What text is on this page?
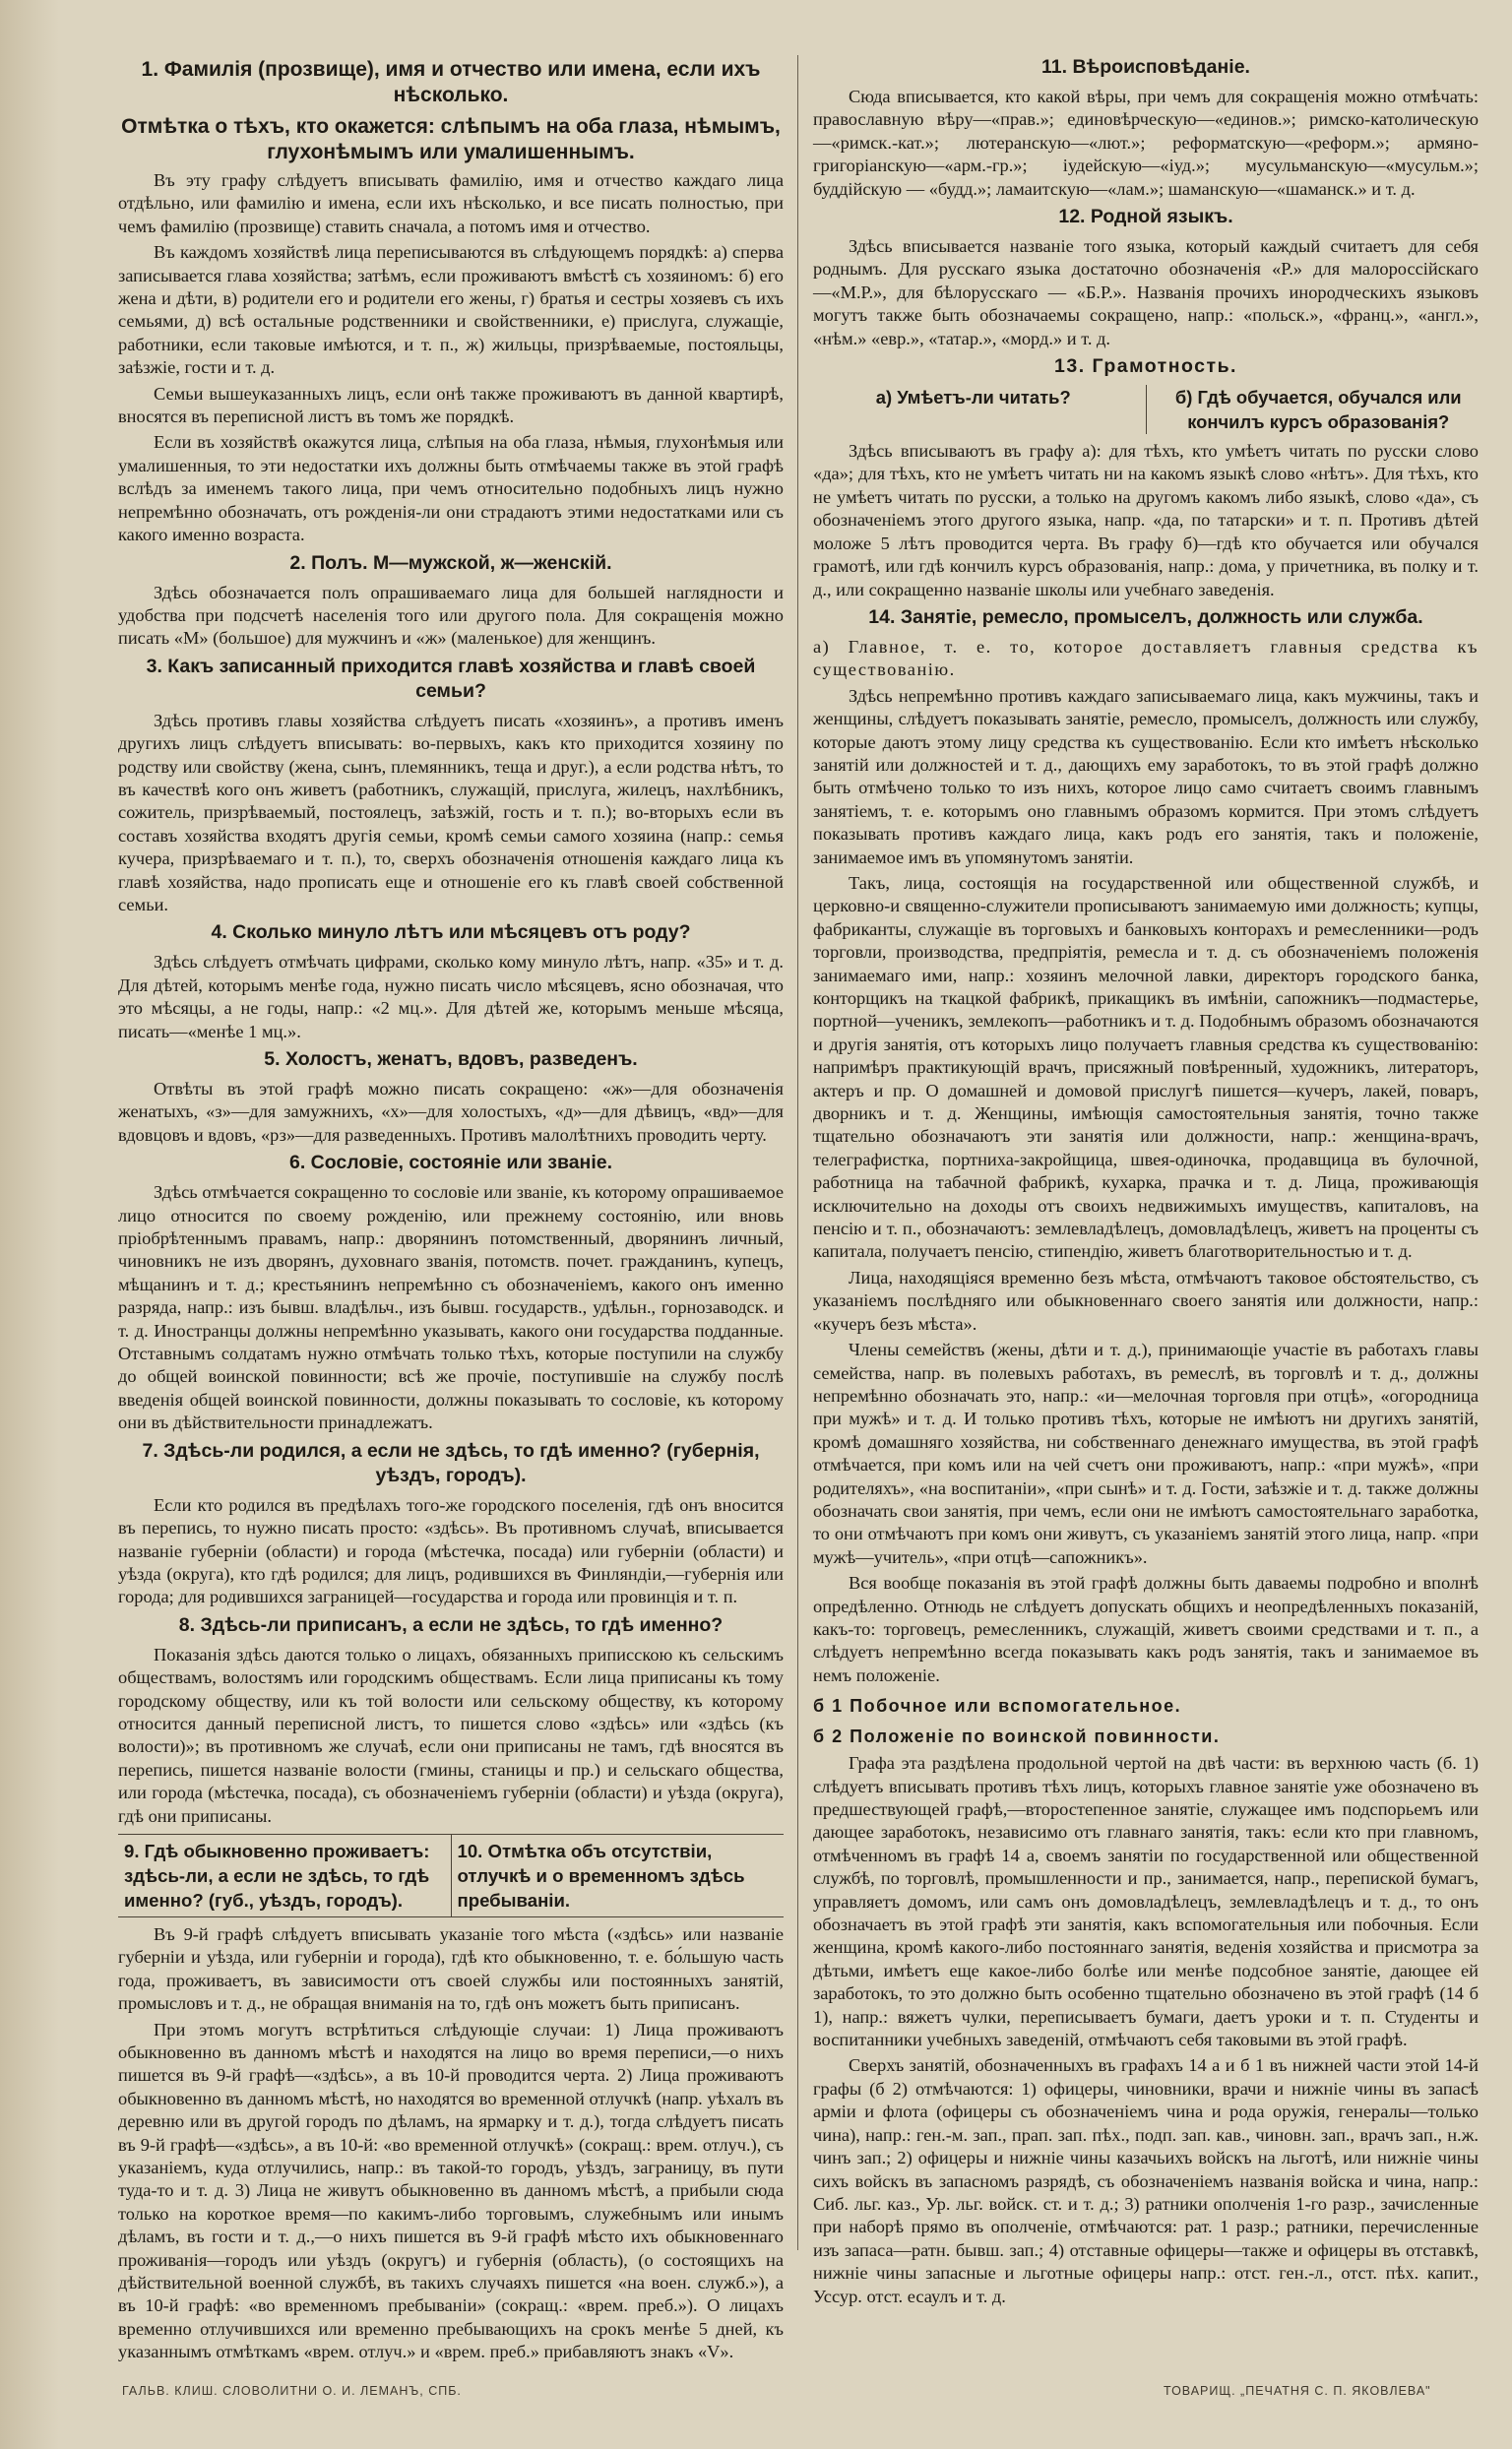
1. Фамилія (прозвище), имя и отчество или имена, если ихъ нѣсколько.
Отмѣтка о тѣхъ, кто окажется: слѣпымъ на оба глаза, нѣмымъ, глухонѣмымъ или умалишеннымъ.

Въ эту графу слѣдуетъ вписывать фамилію, имя и отчество каждаго лица отдѣльно, или фамилію и имена, если ихъ нѣсколько, и все писать полностью, при чемъ фамилію (прозвище) ставить сначала, а потомъ имя и отчество.

Въ каждомъ хозяйствѣ лица переписываются въ слѣдующемъ порядкѣ: а) сперва записывается глава хозяйства; затѣмъ, если проживаютъ вмѣстѣ съ хозяиномъ: б) его жена и дѣти, в) родители его и родители его жены, г) братья и сестры хозяевъ съ ихъ семьями, д) всѣ остальные родственники и свойственники, е) прислуга, служащіе, работники, если таковые имѣются, и т. п., ж) жильцы, призрѣваемые, постояльцы, заѣзжіе, гости и т. д.

Семьи вышеуказанныхъ лицъ, если онѣ также проживаютъ въ данной квартирѣ, вносятся въ переписной листъ въ томъ же порядкѣ.

Если въ хозяйствѣ окажутся лица, слѣпыя на оба глаза, нѣмыя, глухонѣмыя или умалишенныя, то эти недостатки ихъ должны быть отмѣчаемы также въ этой графѣ вслѣдъ за именемъ такого лица, при чемъ относительно подобныхъ лицъ нужно непремѣнно обозначать, отъ рожденія-ли они страдаютъ этими недостатками или съ какого именно возраста.

2. Полъ. М—мужской, ж—женскій.

Здѣсь обозначается полъ опрашиваемаго лица для большей наглядности и удобства при подсчетѣ населенія того или другого пола. Для сокращенія можно писать «М» (большое) для мужчинъ и «ж» (маленькое) для женщинъ.

3. Какъ записанный приходится главѣ хозяйства и главѣ своей семьи?

Здѣсь противъ главы хозяйства слѣдуетъ писать «хозяинъ», а противъ именъ другихъ лицъ слѣдуетъ вписывать: во-первыхъ, какъ кто приходится хозяину по родству или свойству (жена, сынъ, племянникъ, теща и друг.), а если родства нѣтъ, то въ качествѣ кого онъ живетъ (работникъ, служащій, прислуга, жилецъ, нахлѣбникъ, сожитель, призрѣваемый, постоялецъ, заѣзжій, гость и т. п.); во-вторыхъ если въ составъ хозяйства входятъ другія семьи, кромѣ семьи самого хозяина (напр.: семья кучера, призрѣваемаго и т. п.), то, сверхъ обозначенія отношенія каждаго лица къ главѣ хозяйства, надо прописать еще и отношеніе его къ главѣ своей собственной семьи.

4. Сколько минуло лѣтъ или мѣсяцевъ отъ роду?

Здѣсь слѣдуетъ отмѣчать цифрами, сколько кому минуло лѣтъ, напр. «35» и т. д. Для дѣтей, которымъ менѣе года, нужно писать число мѣсяцевъ, ясно обозначая, что это мѣсяцы, а не годы, напр.: «2 мц.». Для дѣтей же, которымъ меньше мѣсяца, писать—«менѣе 1 мц.».

5. Холостъ, женатъ, вдовъ, разведенъ.

Отвѣты въ этой графѣ можно писать сокращено: «ж»—для обозначенія женатыхъ, «з»—для замужнихъ, «х»—для холостыхъ, «д»—для дѣвицъ, «вд»—для вдовцовъ и вдовъ, «рз»—для разведенныхъ. Противъ малолѣтнихъ проводить черту.

6. Сословіе, состояніе или званіе.

Здѣсь отмѣчается сокращенно то сословіе или званіе, къ которому опрашиваемое лицо относится по своему рожденію, или прежнему состоянію, или вновь пріобрѣтеннымъ правамъ, напр.: дворянинъ потомственный, дворянинъ личный, чиновникъ не изъ дворянъ, духовнаго званія, потомств. почет. гражданинъ, купецъ, мѣщанинъ и т. д.; крестьянинъ непремѣнно съ обозначеніемъ, какого онъ именно разряда, напр.: изъ бывш. владѣльч., изъ бывш. государств., удѣльн., горнозаводск. и т. д. Иностранцы должны непремѣнно указывать, какого они государства подданные. Отставнымъ солдатамъ нужно отмѣчать только тѣхъ, которые поступили на службу до общей воинской повинности; всѣ же прочіе, поступившіе на службу послѣ введенія общей воинской повинности, должны показывать то сословіе, къ которому они въ дѣйствительности принадлежатъ.

7. Здѣсь-ли родился, а если не здѣсь, то гдѣ именно? (губернія, уѣздъ, городъ).

Если кто родился въ предѣлахъ того-же городского поселенія, гдѣ онъ вносится въ перепись, то нужно писать просто: «здѣсь». Въ противномъ случаѣ, вписывается названіе губерніи (области) и города (мѣстечка, посада) или губерніи (области) и уѣзда (округа), кто гдѣ родился; для лицъ, родившихся въ Финляндіи,—губернія или города; для родившихся заграницей—государства и города или провинція и т. п.

8. Здѣсь-ли приписанъ, а если не здѣсь, то гдѣ именно?

Показанія здѣсь даются только о лицахъ, обязанныхъ приписскою къ сельскимъ обществамъ, волостямъ или городскимъ обществамъ. Если лица приписаны къ тому городскому обществу, или къ той волости или сельскому обществу, къ которому относится данный переписной листъ, то пишется слово «здѣсь» или «здѣсь (къ волости)»; въ противномъ же случаѣ, если они приписаны не тамъ, гдѣ вносятся въ перепись, пишется названіе волости (гмины, станицы и пр.) и сельскаго общества, или города (мѣстечка, посада), съ обозначеніемъ губерніи (области) и уѣзда (округа), гдѣ они приписаны.

9. Гдѣ обыкновенно проживаетъ: здѣсь-ли, а если не здѣсь, то гдѣ именно? (губ., уѣздъ, городъ).
10. Отмѣтка объ отсутствіи, отлучкѣ и о временномъ здѣсь пребываніи.

Въ 9-й графѣ слѣдуетъ вписывать указаніе того мѣста («здѣсь» или названіе губерніи и уѣзда, или губерніи и города), гдѣ кто обыкновенно, т. е. бо́льшую часть года, проживаетъ, въ зависимости отъ своей службы или постоянныхъ занятій, промысловъ и т. д., не обращая вниманія на то, гдѣ онъ можетъ быть приписанъ.

При этомъ могутъ встрѣтиться слѣдующіе случаи: 1) Лица проживаютъ обыкновенно въ данномъ мѣстѣ и находятся на лицо во время переписи,—о нихъ пишется въ 9-й графѣ—«здѣсь», а въ 10-й проводится черта. 2) Лица проживаютъ обыкновенно въ данномъ мѣстѣ, но находятся во временной отлучкѣ (напр. уѣхалъ въ деревню или въ другой городъ по дѣламъ, на ярмарку и т. д.), тогда слѣдуетъ писать въ 9-й графѣ—«здѣсь», а въ 10-й: «во временной отлучкѣ» (сокращ.: врем. отлуч.), съ указаніемъ, куда отлучились, напр.: въ такой-то городъ, уѣздъ, заграницу, въ пути туда-то и т. д. 3) Лица не живутъ обыкновенно въ данномъ мѣстѣ, а прибыли сюда только на короткое время—по какимъ-либо торговымъ, служебнымъ или инымъ дѣламъ, въ гости и т. д.,—о нихъ пишется въ 9-й графѣ мѣсто ихъ обыкновеннаго проживанія—городъ или уѣздъ (округъ) и губернія (область), (о состоящихъ на дѣйствительной военной службѣ, въ такихъ случаяхъ пишется «на воен. служб.»), а въ 10-й графѣ: «во временномъ пребываніи» (сокращ.: «врем. преб.»). О лицахъ временно отлучившихся или временно пребывающихъ на срокъ менѣе 5 дней, къ указаннымъ отмѣткамъ «врем. отлуч.» и «врем. преб.» прибавляютъ знакъ «V».

11. Вѣроисповѣданіе.

Сюда вписывается, кто какой вѣры, при чемъ для сокращенія можно отмѣчать: православную вѣру—«прав.»; единовѣрческую—«единов.»; римско-католическую—«римск.-кат.»; лютеранскую—«лют.»; реформатскую—«реформ.»; армяно-григоріанскую—«арм.-гр.»; іудейскую—«іуд.»; мусульманскую—«мусульм.»; буддійскую — «будд.»; ламаитскую—«лам.»; шаманскую—«шаманск.» и т. д.

12. Родной языкъ.

Здѣсь вписывается названіе того языка, который каждый считаетъ для себя роднымъ. Для русскаго языка достаточно обозначенія «Р.» для малороссійскаго—«М.Р.», для бѣлорусскаго — «Б.Р.». Названія прочихъ инородческихъ языковъ могутъ также быть обозначаемы сокращено, напр.: «польск.», «франц.», «англ.», «нѣм.» «евр.», «татар.», «морд.» и т. д.

13. Грамотность.
а) Умѣетъ-ли читать?	б) Гдѣ обучается, обучался или кончилъ курсъ образованія?

Здѣсь вписываютъ въ графу а): для тѣхъ, кто умѣетъ читать по русски слово «да»; для тѣхъ, кто не умѣетъ читать ни на какомъ языкѣ слово «нѣтъ». Для тѣхъ, кто не умѣетъ читать по русски, а только на другомъ какомъ либо языкѣ, слово «да», съ обозначеніемъ этого другого языка, напр. «да, по татарски» и т. п. Противъ дѣтей моложе 5 лѣтъ проводится черта. Въ графу б)—гдѣ кто обучается или обучался грамотѣ, или гдѣ кончилъ курсъ образованія, напр.: дома, у причетника, въ полку и т. д., или сокращенно названіе школы или учебнаго заведенія.

14. Занятіе, ремесло, промыселъ, должность или служба.

а) Главное, т. е. то, которое доставляетъ главныя средства къ существованію.

Здѣсь непремѣнно противъ каждаго записываемаго лица, какъ мужчины, такъ и женщины, слѣдуетъ показывать занятіе, ремесло, промыселъ, должность или службу, которые даютъ этому лицу средства къ существованію. Если кто имѣетъ нѣсколько занятій или должностей и т. д., дающихъ ему заработокъ, то въ этой графѣ должно быть отмѣчено только то изъ нихъ, которое лицо само считаетъ своимъ главнымъ занятіемъ, т. е. которымъ оно главнымъ образомъ кормится. При этомъ слѣдуетъ показывать противъ каждаго лица, какъ родъ его занятія, такъ и положеніе, занимаемое имъ въ упомянутомъ занятіи.

Такъ, лица, состоящія на государственной или общественной службѣ, и церковно-и священно-служители прописываютъ занимаемую ими должность; купцы, фабриканты, служащіе въ торговыхъ и банковыхъ конторахъ и ремесленники—родъ торговли, производства, предпріятія, ремесла и т. д. съ обозначеніемъ положенія занимаемаго ими, напр.: хозяинъ мелочной лавки, директоръ городского банка, конторщикъ на ткацкой фабрикѣ, прикащикъ въ имѣніи, сапожникъ—подмастерье, портной—ученикъ, землекопъ—работникъ и т. д. Подобнымъ образомъ обозначаются и другія занятія, отъ которыхъ лицо получаетъ главныя средства къ существованію: напримѣръ практикующій врачъ, присяжный повѣренный, художникъ, литераторъ, актеръ и пр. О домашней и домовой прислугѣ пишется—кучеръ, лакей, поваръ, дворникъ и т. д. Женщины, имѣющія самостоятельныя занятія, точно также тщательно обозначаютъ эти занятія или должности, напр.: женщина-врачъ, телеграфистка, портниха-закройщица, швея-одиночка, продавщица въ булочной, работница на табачной фабрикѣ, кухарка, прачка и т. д. Лица, проживающія исключительно на доходы отъ своихъ недвижимыхъ имуществъ, капиталовъ, на пенсію и т. п., обозначаютъ: землевладѣлецъ, домовладѣлецъ, живетъ на проценты съ капитала, получаетъ пенсію, стипендію, живетъ благотворительностью и т. д.

Лица, находящіяся временно безъ мѣста, отмѣчаютъ таковое обстоятельство, съ указаніемъ послѣдняго или обыкновеннаго своего занятія или должности, напр.: «кучеръ безъ мѣста».

Члены семействъ (жены, дѣти и т. д.), принимающіе участіе въ работахъ главы семейства, напр. въ полевыхъ работахъ, въ ремеслѣ, въ торговлѣ и т. д., должны непремѣнно обозначать это, напр.: «и—мелочная торговля при отцѣ», «огородница при мужѣ» и т. д. И только противъ тѣхъ, которые не имѣютъ ни другихъ занятій, кромѣ домашняго хозяйства, ни собственнаго денежнаго имущества, въ этой графѣ отмѣчается, при комъ или на чей счетъ они проживаютъ, напр.: «при мужѣ», «при родителяхъ», «на воспитаніи», «при сынѣ» и т. д. Гости, заѣзжіе и т. д. также должны обозначать свои занятія, при чемъ, если они не имѣютъ самостоятельнаго заработка, то они отмѣчаютъ при комъ они живутъ, съ указаніемъ занятій этого лица, напр. «при мужѣ—учитель», «при отцѣ—сапожникъ».

Вся вообще показанія въ этой графѣ должны быть даваемы подробно и вполнѣ опредѣленно. Отнюдь не слѣдуетъ допускать общихъ и неопредѣленныхъ показаній, какъ-то: торговецъ, ремесленникъ, служащій, живетъ своими средствами и т. п., а слѣдуетъ непремѣнно всегда показывать какъ родъ занятія, такъ и занимаемое въ немъ положеніе.

б 1 Побочное или вспомогательное.

б 2 Положеніе по воинской повинности.

Графа эта раздѣлена продольной чертой на двѣ части: въ верхнюю часть (б. 1) слѣдуетъ вписывать противъ тѣхъ лицъ, которыхъ главное занятіе уже обозначено въ предшествующей графѣ,—второстепенное занятіе, служащее имъ подспорьемъ или дающее заработокъ, независимо отъ главнаго занятія, такъ: если кто при главномъ, отмѣченномъ въ графѣ 14 а, своемъ занятіи по государственной или общественной службѣ, по торговлѣ, промышленности и пр., занимается, напр., перепиской бумагъ, управляетъ домомъ, или самъ онъ домовладѣлецъ, землевладѣлецъ и т. д., то онъ обозначаетъ въ этой графѣ эти занятія, какъ вспомогательныя или побочныя. Если женщина, кромѣ какого-либо постояннаго занятія, веденія хозяйства и присмотра за дѣтьми, имѣетъ еще какое-либо болѣе или менѣе подсобное занятіе, дающее ей заработокъ, то это должно быть особенно тщательно обозначено въ этой графѣ (14 б 1), напр.: вяжетъ чулки, переписываетъ бумаги, даетъ уроки и т. п. Студенты и воспитанники учебныхъ заведеній, отмѣчаютъ себя таковыми въ этой графѣ.

Сверхъ занятій, обозначенныхъ въ графахъ 14 а и б 1 въ нижней части этой 14-й графы (б 2) отмѣчаются: 1) офицеры, чиновники, врачи и нижніе чины въ запасѣ арміи и флота (офицеры съ обозначеніемъ чина и рода оружія, генералы—только чина), напр.: ген.-м. зап., прап. зап. пѣх., подп. зап. кав., чиновн. зап., врачъ зап., н.ж. чинъ зап.; 2) офицеры и нижніе чины казачьихъ войскъ на льготѣ, или нижніе чины сихъ войскъ въ запасномъ разрядѣ, съ обозначеніемъ названія войска и чина, напр.: Сиб. льг. каз., Ур. льг. войск. ст. и т. д.; 3) ратники ополченія 1-го разр., зачисленные при наборѣ прямо въ ополченіе, отмѣчаются: рат. 1 разр.; ратники, перечисленные изъ запаса—ратн. бывш. зап.; 4) отставные офицеры—также и офицеры въ отставкѣ, нижніе чины запасные и льготные офицеры напр.: отст. ген.-л., отст. пѣх. капит., Уссур. отст. есаулъ и т. д.

ГАЛЬВ. КЛИШ. СЛОВОЛИТНИ О. И. ЛЕМАНЪ, СПБ.	ТОВАРИЩ. „ПЕЧАТНЯ С. П. ЯКОВЛЕВА"
